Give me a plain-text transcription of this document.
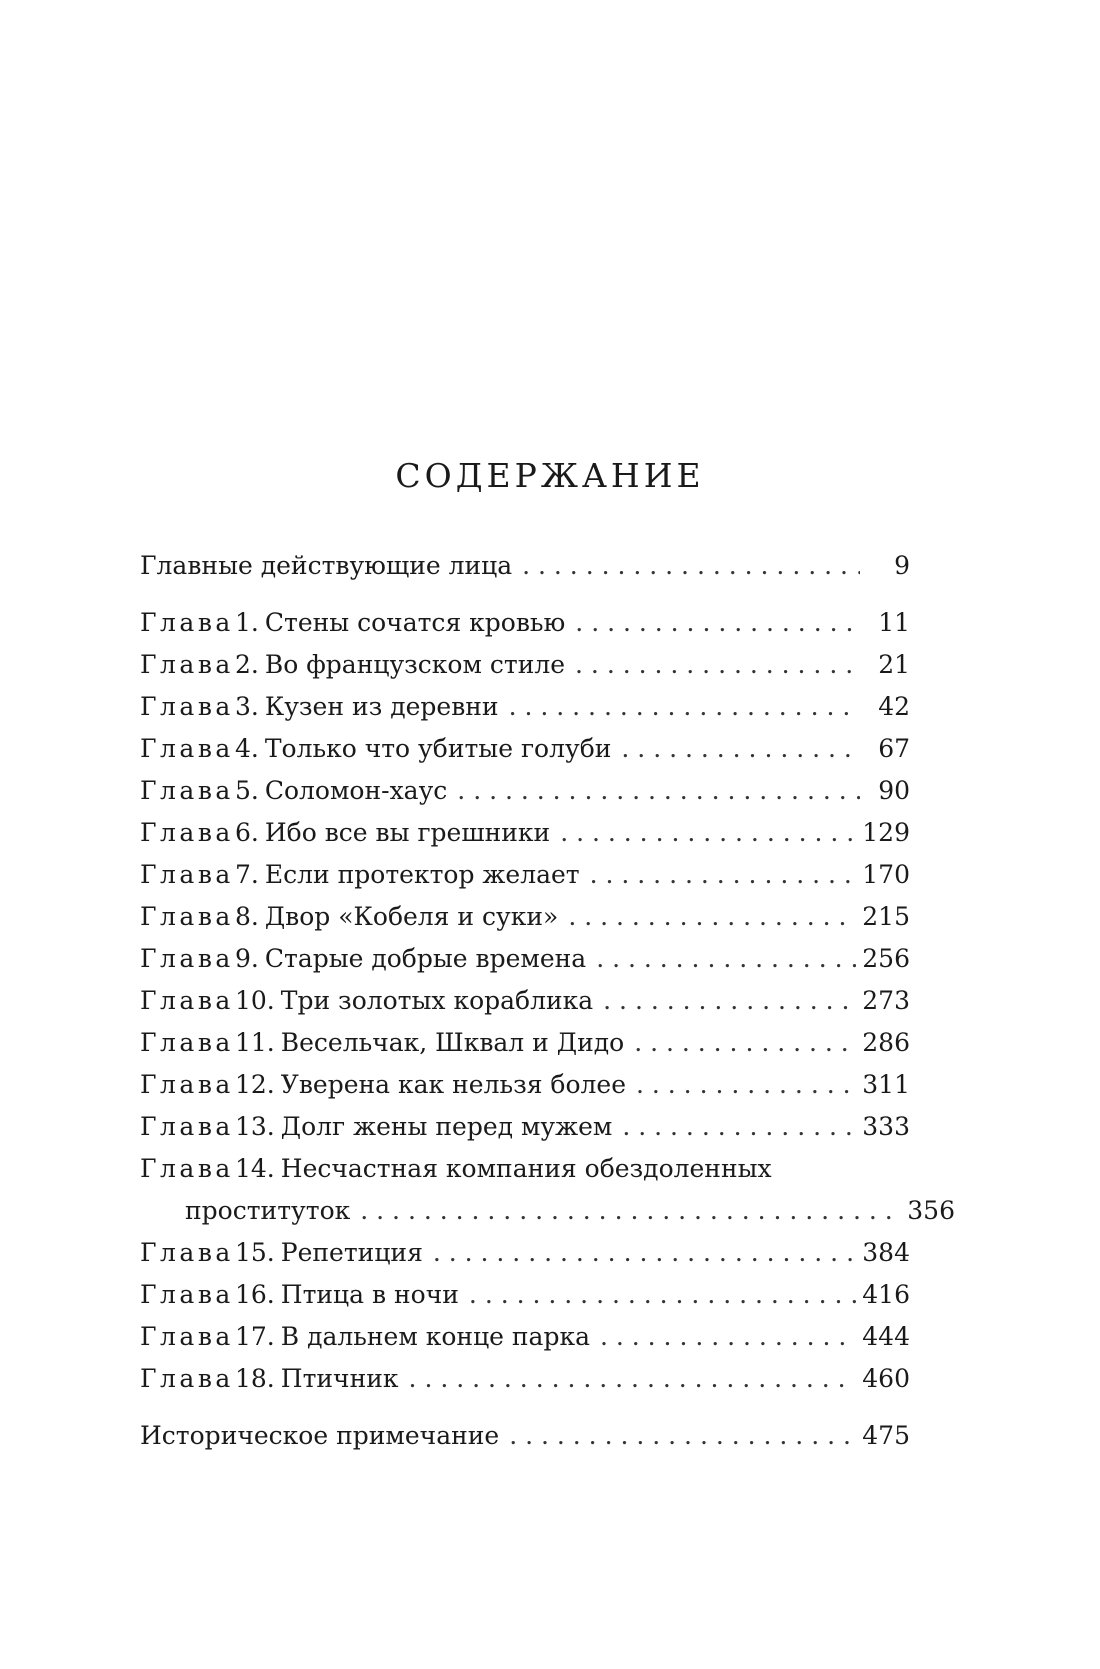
СОДЕРЖАНИЕ
Главные действующие лица . . .	9
Глава 1. Стены сочатся кровью . . .	11
Глава 2. Во французском стиле . . .	21
Глава 3. Кузен из деревни . . .	42
Глава 4. Только что убитые голуби . . .	67
Глава 5. Соломон-хаус . . .	90
Глава 6. Ибо все вы грешники . . .	129
Глава 7. Если протектор желает . . .	170
Глава 8. Двор «Кобеля и суки» . . .	215
Глава 9. Старые добрые времена . . .	256
Глава 10. Три золотых кораблика . . .	273
Глава 11. Весельчак, Шквал и Дидо . . .	286
Глава 12. Уверена как нельзя более . . .	311
Глава 13. Долг жены перед мужем . . .	333
Глава 14. Несчастная компания обездоленных
проституток . . .	356
Глава 15. Репетиция . . .	384
Глава 16. Птица в ночи . . .	416
Глава 17. В дальнем конце парка . . .	444
Глава 18. Птичник . . .	460
Историческое примечание . . .	475
